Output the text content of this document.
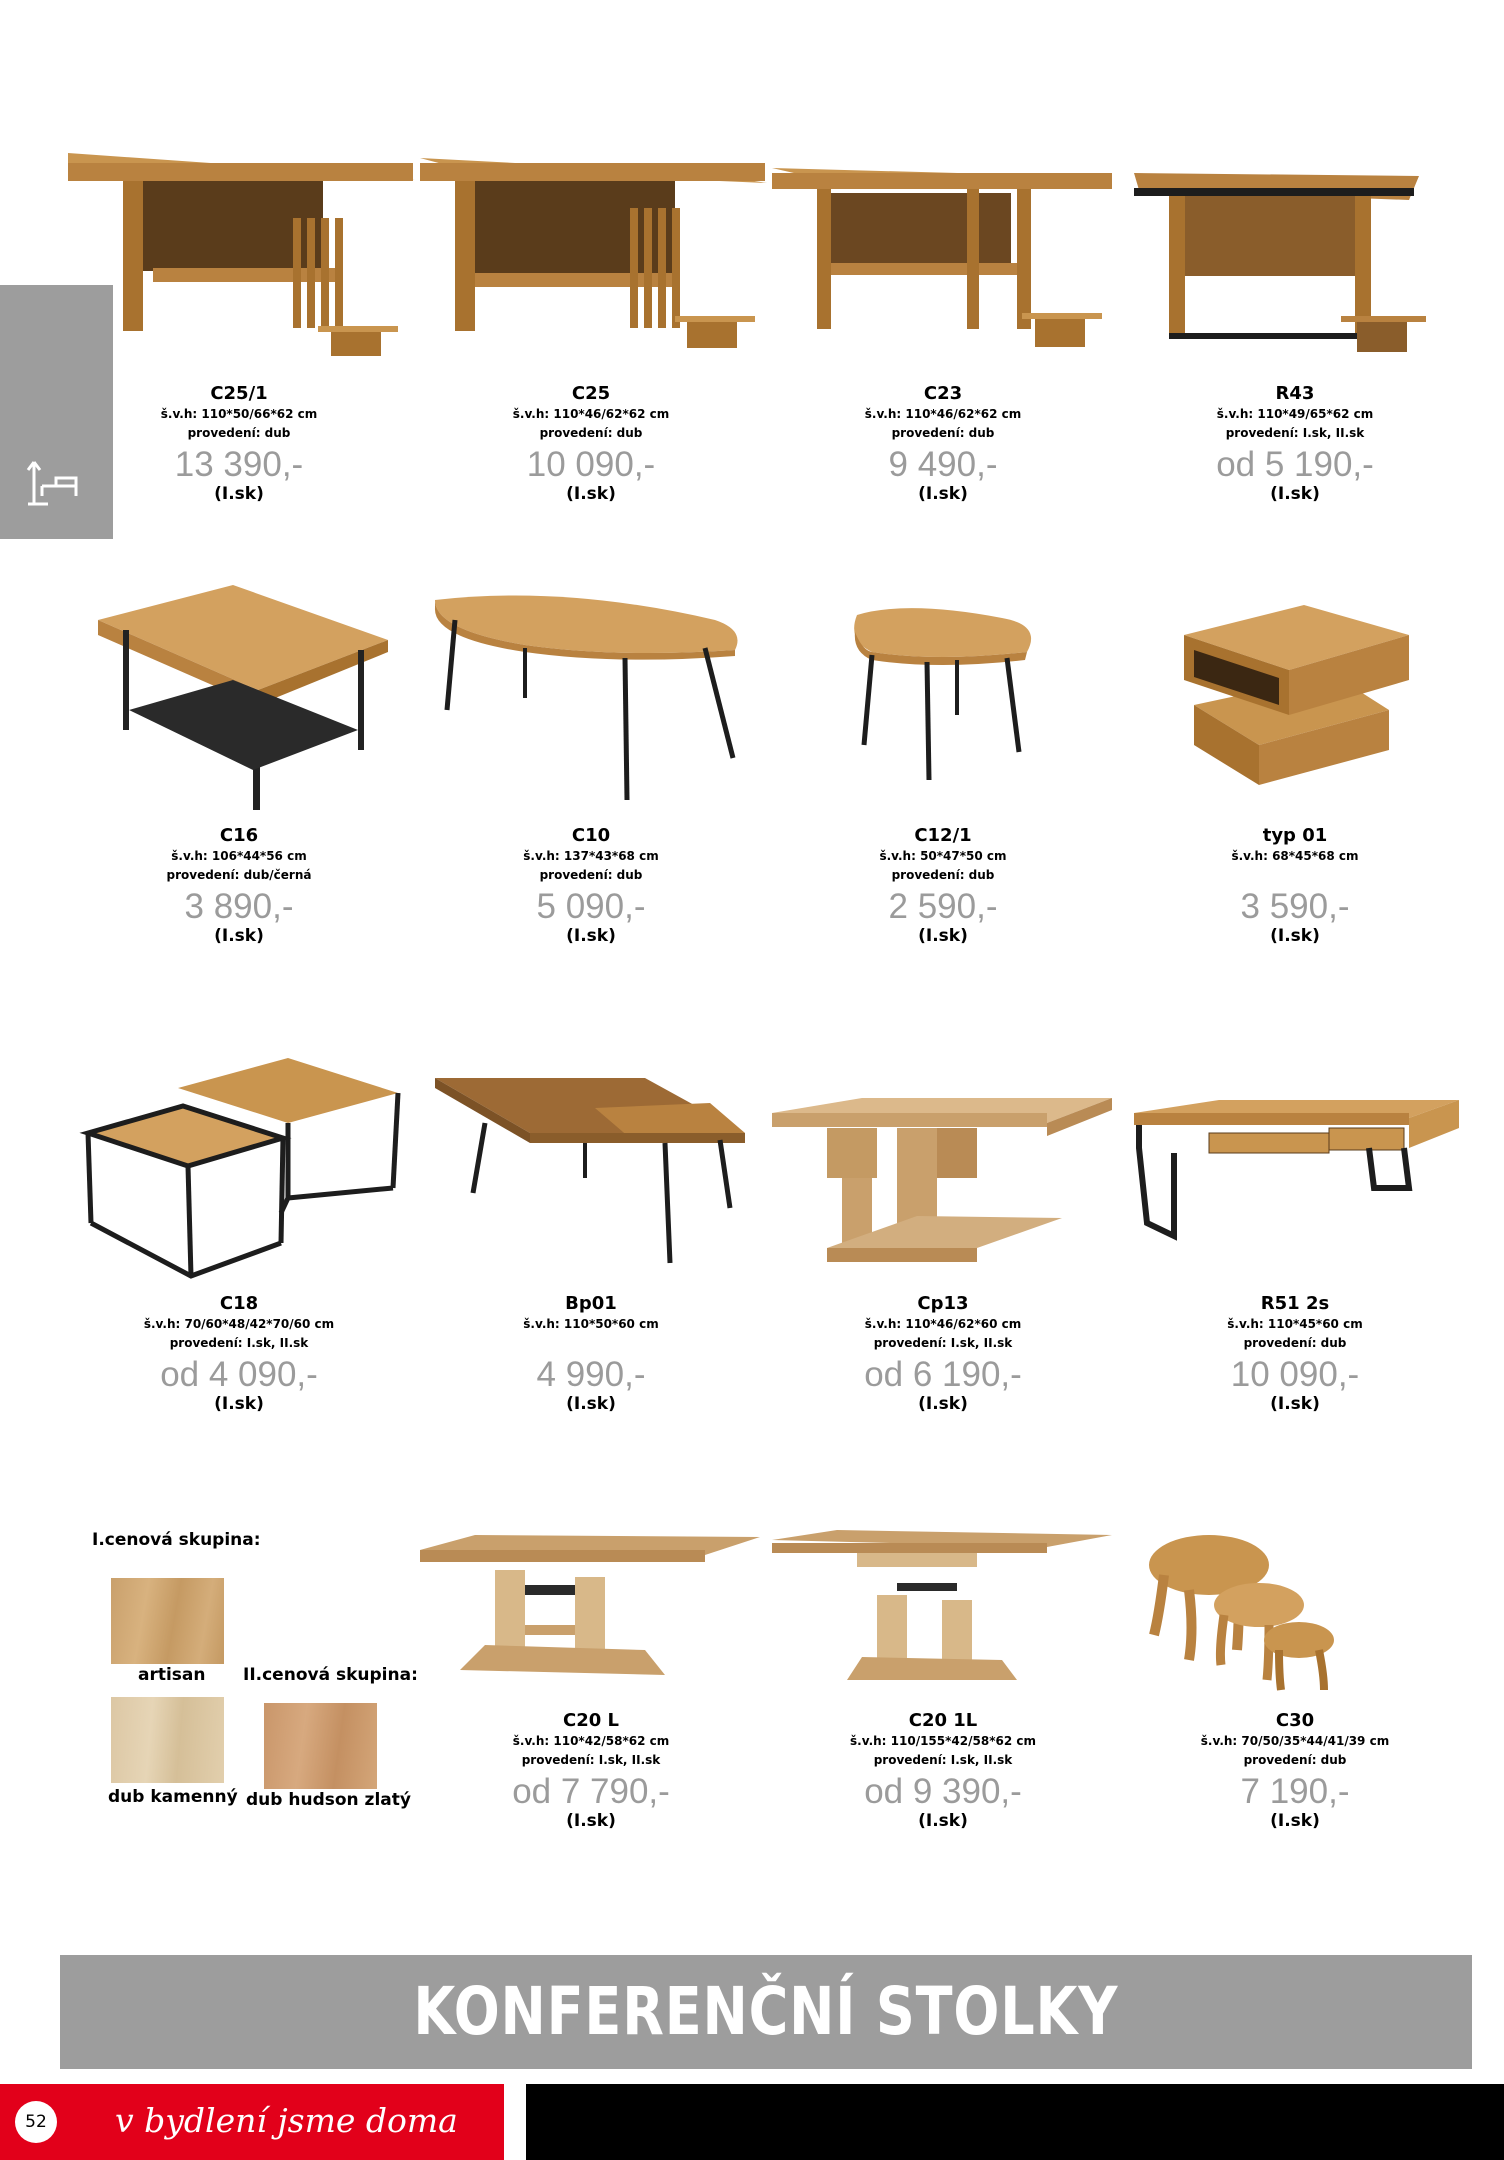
C25/1
š.v.h: 110*50/66*62 cm
provedení: dub
13 390,-
(I.sk)
C25
š.v.h: 110*46/62*62 cm
provedení: dub
10 090,-
(I.sk)
C23
š.v.h: 110*46/62*62 cm
provedení: dub
9 490,-
(I.sk)
R43
š.v.h: 110*49/65*62 cm
provedení: I.sk, II.sk
od 5 190,-
(I.sk)
C16
š.v.h: 106*44*56 cm
provedení: dub/černá
3 890,-
(I.sk)
C10
š.v.h: 137*43*68 cm
provedení: dub
5 090,-
(I.sk)
C12/1
š.v.h: 50*47*50 cm
provedení: dub
2 590,-
(I.sk)
typ 01
š.v.h: 68*45*68 cm
3 590,-
(I.sk)
C18
š.v.h: 70/60*48/42*70/60 cm
provedení: I.sk, II.sk
od 4 090,-
(I.sk)
Bp01
š.v.h: 110*50*60 cm
4 990,-
(I.sk)
Cp13
š.v.h: 110*46/62*60 cm
provedení: I.sk, II.sk
od 6 190,-
(I.sk)
R51 2s
š.v.h: 110*45*60 cm
provedení: dub
10 090,-
(I.sk)
I.cenová skupina:
artisan II.cenová skupina:
dub kamenný dub hudson zlatý
C20 L
š.v.h: 110*42/58*62 cm
provedení: I.sk, II.sk
od 7 790,-
(I.sk)
C20 1L
š.v.h: 110/155*42/58*62 cm
provedení: I.sk, II.sk
od 9 390,-
(I.sk)
C30
š.v.h: 70/50/35*44/41/39 cm
provedení: dub
7 190,-
(I.sk)
KONFERENČNÍ STOLKY
52	v bydlení jsme doma
